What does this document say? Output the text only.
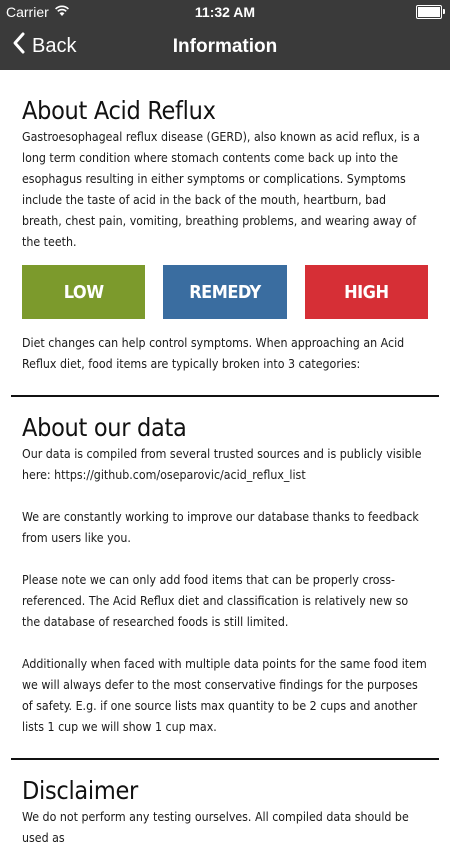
Carrier	11:32 AM
Back	Information
About Acid Reflux

Gastroesophageal reflux disease (GERD), also known as acid reflux, is a long term condition where stomach contents come back up into the esophagus resulting in either symptoms or complications. Symptoms include the taste of acid in the back of the mouth, heartburn, bad breath, chest pain, vomiting, breathing problems, and wearing away of the teeth.

LOW	REMEDY	HIGH

Diet changes can help control symptoms. When approaching an Acid Reflux diet, food items are typically broken into 3 categories:

About our data

Our data is compiled from several trusted sources and is publicly visible here: https://github.com/oseparovic/acid_reflux_list

We are constantly working to improve our database thanks to feedback from users like you.

Please note we can only add food items that can be properly cross-referenced. The Acid Reflux diet and classification is relatively new so the database of researched foods is still limited.

Additionally when faced with multiple data points for the same food item we will always defer to the most conservative findings for the purposes of safety. E.g. if one source lists max quantity to be 2 cups and another lists 1 cup we will show 1 cup max.

Disclaimer

We do not perform any testing ourselves. All compiled data should be used as
